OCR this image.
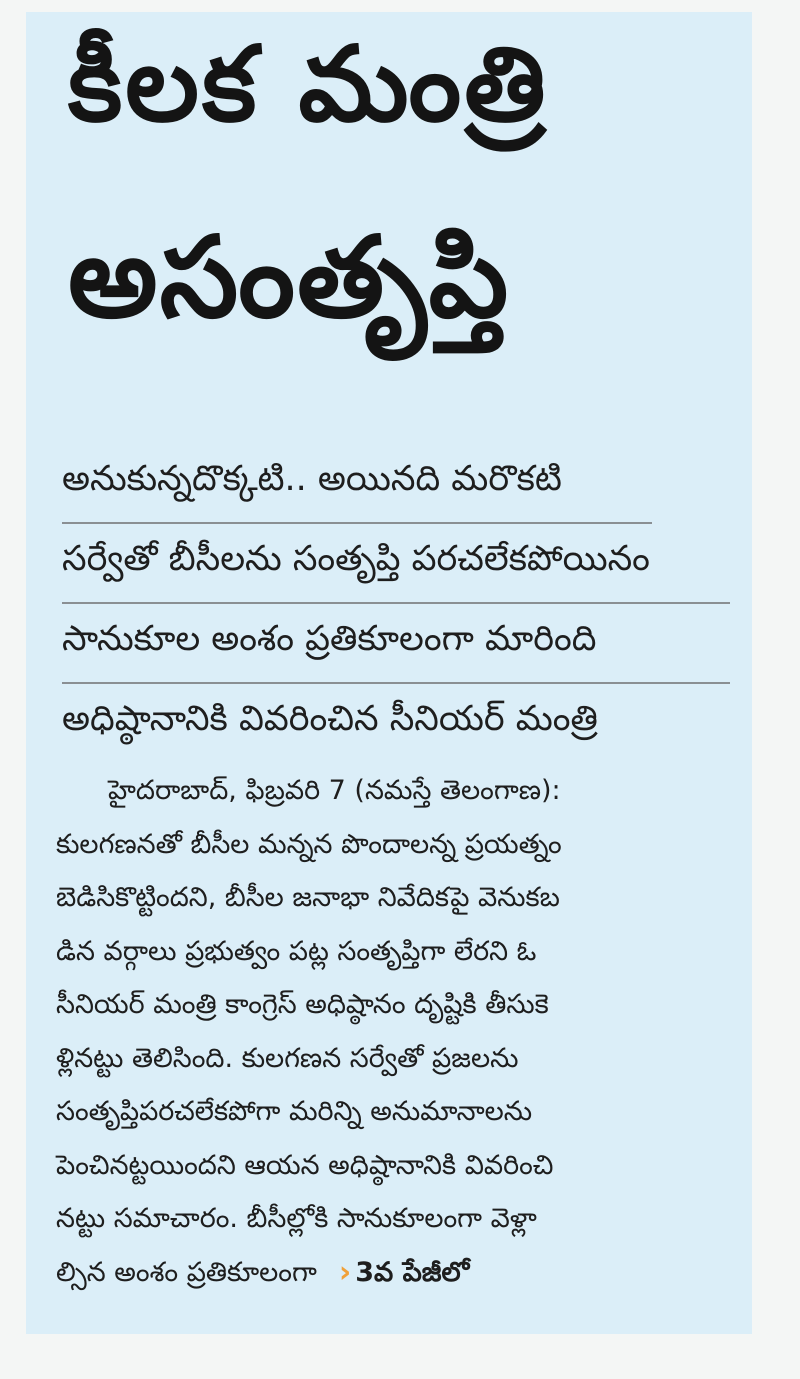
కీలక మంత్రి
అసంతృప్తి
అనుకున్నదొక్కటి.. అయినది మరొకటి
సర్వేతో బీసీలను సంతృప్తి పరచలేకపోయినం
సానుకూల అంశం ప్రతికూలంగా మారింది
అధిష్ఠానానికి వివరించిన సీనియర్ మంత్రి
హైదరాబాద్, ఫిబ్రవరి 7 (నమస్తే తెలంగాణ):
కులగణనతో బీసీల మన్నన పొందాలన్న ప్రయత్నం
బెడిసికొట్టిందని, బీసీల జనాభా నివేదికపై వెనుకబ
డిన వర్గాలు ప్రభుత్వం పట్ల సంతృప్తిగా లేరని ఓ
సీనియర్ మంత్రి కాంగ్రెస్ అధిష్ఠానం దృష్టికి తీసుకె
ళ్లినట్టు తెలిసింది. కులగణన సర్వేతో ప్రజలను
సంతృప్తిపరచలేకపోగా మరిన్ని అనుమానాలను
పెంచినట్టయిందని ఆయన అధిష్ఠానానికి వివరించి
నట్టు సమాచారం. బీసీల్లోకి సానుకూలంగా వెళ్లా
ల్సిన అంశం ప్రతికూలంగా › 3వ పేజీలో
